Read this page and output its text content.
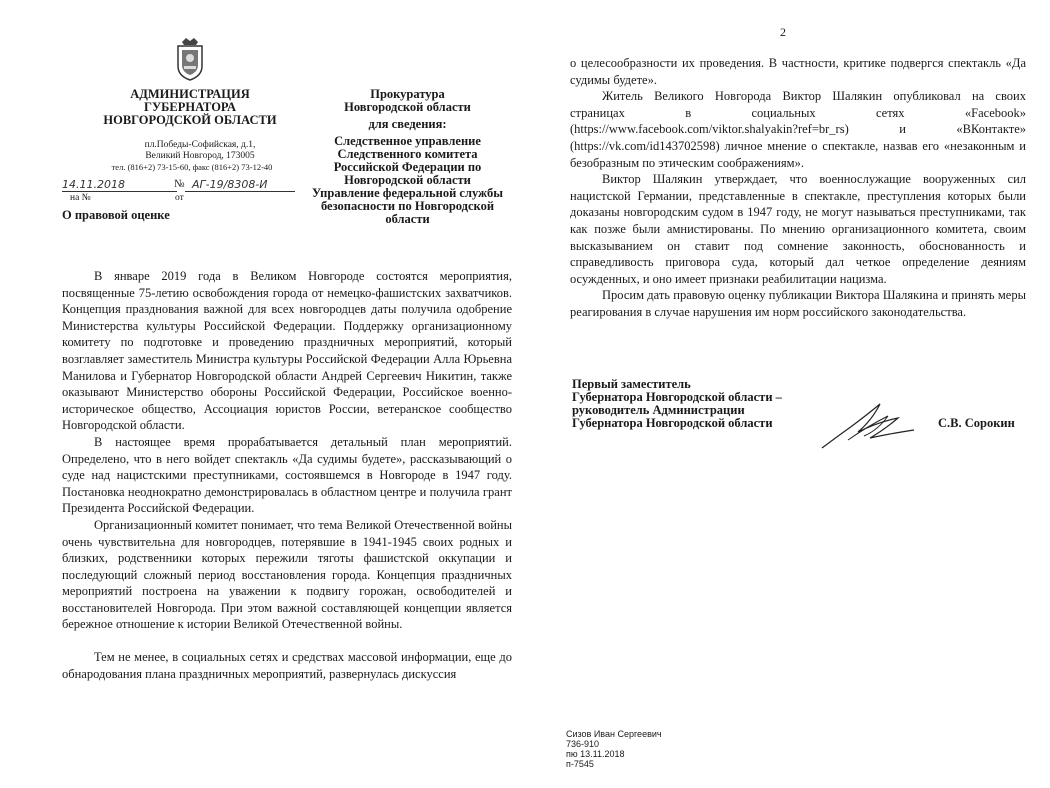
АДМИНИСТРАЦИЯ
ГУБЕРНАТОРА
НОВГОРОДСКОЙ ОБЛАСТИ
пл.Победы-Софийская, д.1,
Великий Новгород, 173005
тел. (816+2) 73-15-60, факс (816+2) 73-12-40
14.11.2018	№ АГ-19/8308-И
на №	от
О правовой оценке
Прокуратура
Новгородской области
для сведения:
Следственное управление
Следственного комитета
Российской Федерации по
Новгородской области
Управление федеральной службы
безопасности по Новгородской
области

В январе 2019 года в Великом Новгороде состоятся мероприятия, посвященные 75-летию освобождения города от немецко-фашистских захватчиков. Концепция празднования важной для всех новгородцев даты получила одобрение Министерства культуры Российской Федерации. Поддержку организационному комитету по подготовке и проведению праздничных мероприятий, который возглавляет заместитель Министра культуры Российской Федерации Алла Юрьевна Манилова и Губернатор Новгородской области Андрей Сергеевич Никитин, также оказывают Министерство обороны Российской Федерации, Российское военно-историческое общество, Ассоциация юристов России, ветеранское сообщество Новгородской области.

В настоящее время прорабатывается детальный план мероприятий. Определено, что в него войдет спектакль «Да судимы будете», рассказывающий о суде над нацистскими преступниками, состоявшемся в Новгороде в 1947 году. Постановка неоднократно демонстрировалась в областном центре и получила грант Президента Российской Федерации.

Организационный комитет понимает, что тема Великой Отечественной войны очень чувствительна для новгородцев, потерявшие в 1941-1945 своих родных и близких, родственники которых пережили тяготы фашистской оккупации и последующий сложный период восстановления города. Концепция праздничных мероприятий построена на уважении к подвигу горожан, освободителей и восстановителей Новгорода. При этом важной составляющей концепции является бережное отношение к истории Великой Отечественной войны.

Тем не менее, в социальных сетях и средствах массовой информации, еще до обнародования плана праздничных мероприятий, развернулась дискуссия

2

о целесообразности их проведения. В частности, критике подвергся спектакль «Да судимы будете».

Житель Великого Новгорода Виктор Шалякин опубликовал на своих страницах в социальных сетях «Facebook» (https://www.facebook.com/viktor.shalyakin?ref=br_rs) и «ВКонтакте» (https://vk.com/id143702598) личное мнение о спектакле, назвав его «незаконным и безобразным по этическим соображениям».

Виктор Шалякин утверждает, что военнослужащие вооруженных сил нацистской Германии, представленные в спектакле, преступления которых были доказаны новгородским судом в 1947 году, не могут называться преступниками, так как позже были амнистированы. По мнению организационного комитета, своим высказыванием он ставит под сомнение законность, обоснованность и справедливость приговора суда, который дал четкое определение деяниям осужденных, и оно имеет признаки реабилитации нацизма.

Просим дать правовую оценку публикации Виктора Шалякина и принять меры реагирования в случае нарушения им норм российского законодательства.

Первый заместитель
Губернатора Новгородской области –
руководитель Администрации
Губернатора Новгородской области	С.В. Сорокин
Сизов Иван Сергеевич
736-910
пю 13.11.2018
п-7545
